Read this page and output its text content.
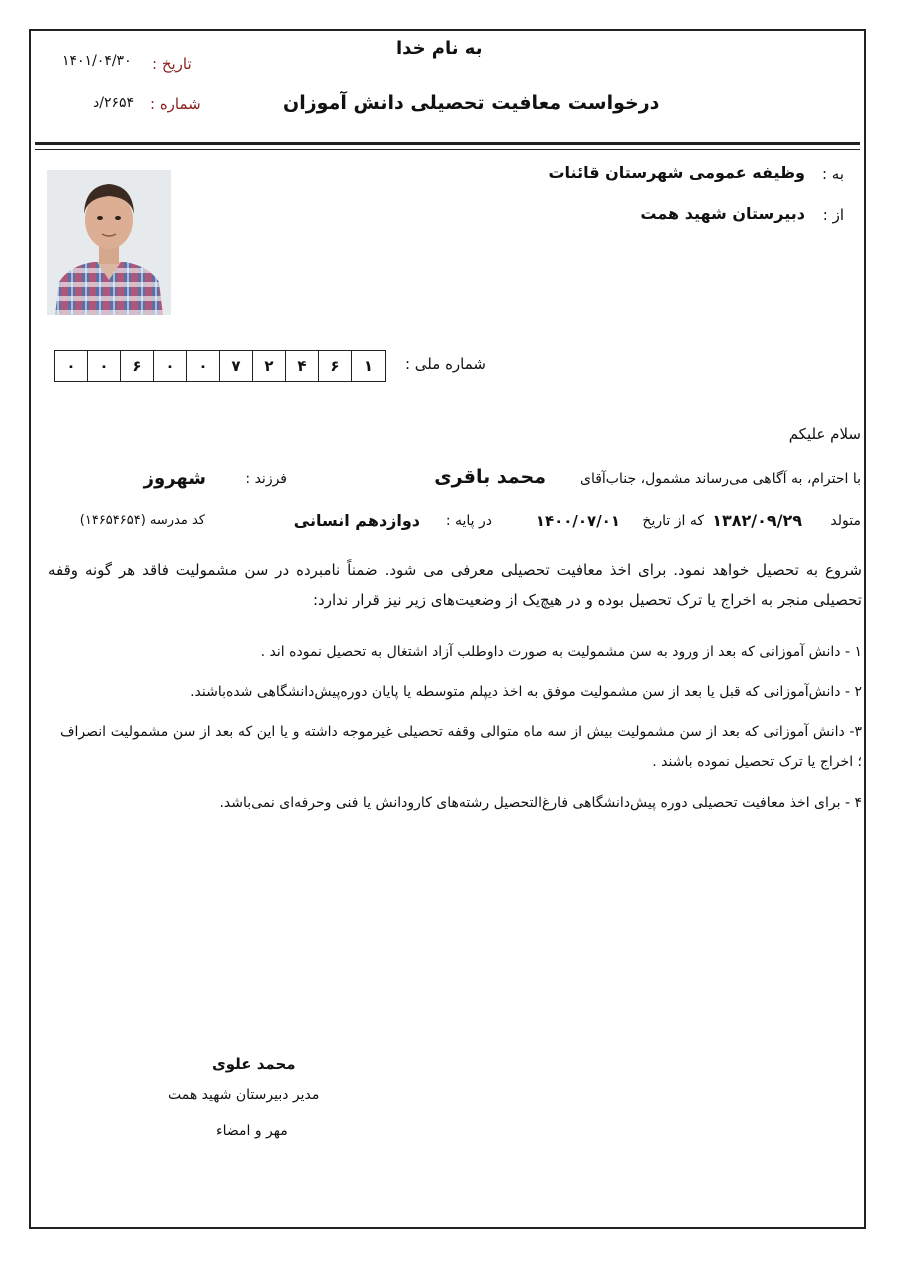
به نام خدا
درخواست معافیت تحصیلی دانش آموزان
تاریخ :
۱۴۰۱/۰۴/۳۰
شماره :
۲۶۵۴/د
به :
وظیفه عمومی شهرستان قائنات
از :
دبیرستان شهید همت
شماره ملی :
۰	۰	۶	۰	۰	۷	۲	۴	۶	۱
سلام علیکم
با احترام، به آگاهی می‌رساند مشمول، جناب‌آقای
محمد باقری
فرزند :
شهروز
متولد
۱۳۸۲/۰۹/۲۹
که از تاریخ
۱۴۰۰/۰۷/۰۱
در پایه :
دوازدهم انسانی
کد مدرسه (۱۴۶۵۴۶۵۴)
شروع به تحصیل خواهد نمود. برای اخذ معافیت تحصیلی معرفی می شود. ضمناً نامبرده در سن مشمولیت فاقد هر گونه وقفه تحصیلی منجر به اخراج یا ترک تحصیل بوده و در هیچ‌یک از وضعیت‌های زیر نیز قرار ندارد:
۱ - دانش آموزانی که بعد از ورود به سن مشمولیت به صورت داوطلب آزاد اشتغال به تحصیل نموده اند .
۲ - دانش‌آموزانی که قبل یا بعد از سن مشمولیت موفق به اخذ دیپلم متوسطه یا پایان دوره‌پیش‌دانشگاهی شده‌باشند.
۳- دانش آموزانی که بعد از سن مشمولیت بیش از سه ماه متوالی وقفه تحصیلی غیرموجه داشته و یا این که بعد از سن مشمولیت انصراف ؛ اخراج یا ترک تحصیل نموده باشند .
۴ - برای اخذ معافیت تحصیلی دوره پیش‌دانشگاهی فارغ‌التحصیل رشته‌های کارودانش یا فنی وحرفه‌ای نمی‌باشد.
محمد علوی
مدیر دبیرستان شهید همت
مهر و امضاء
